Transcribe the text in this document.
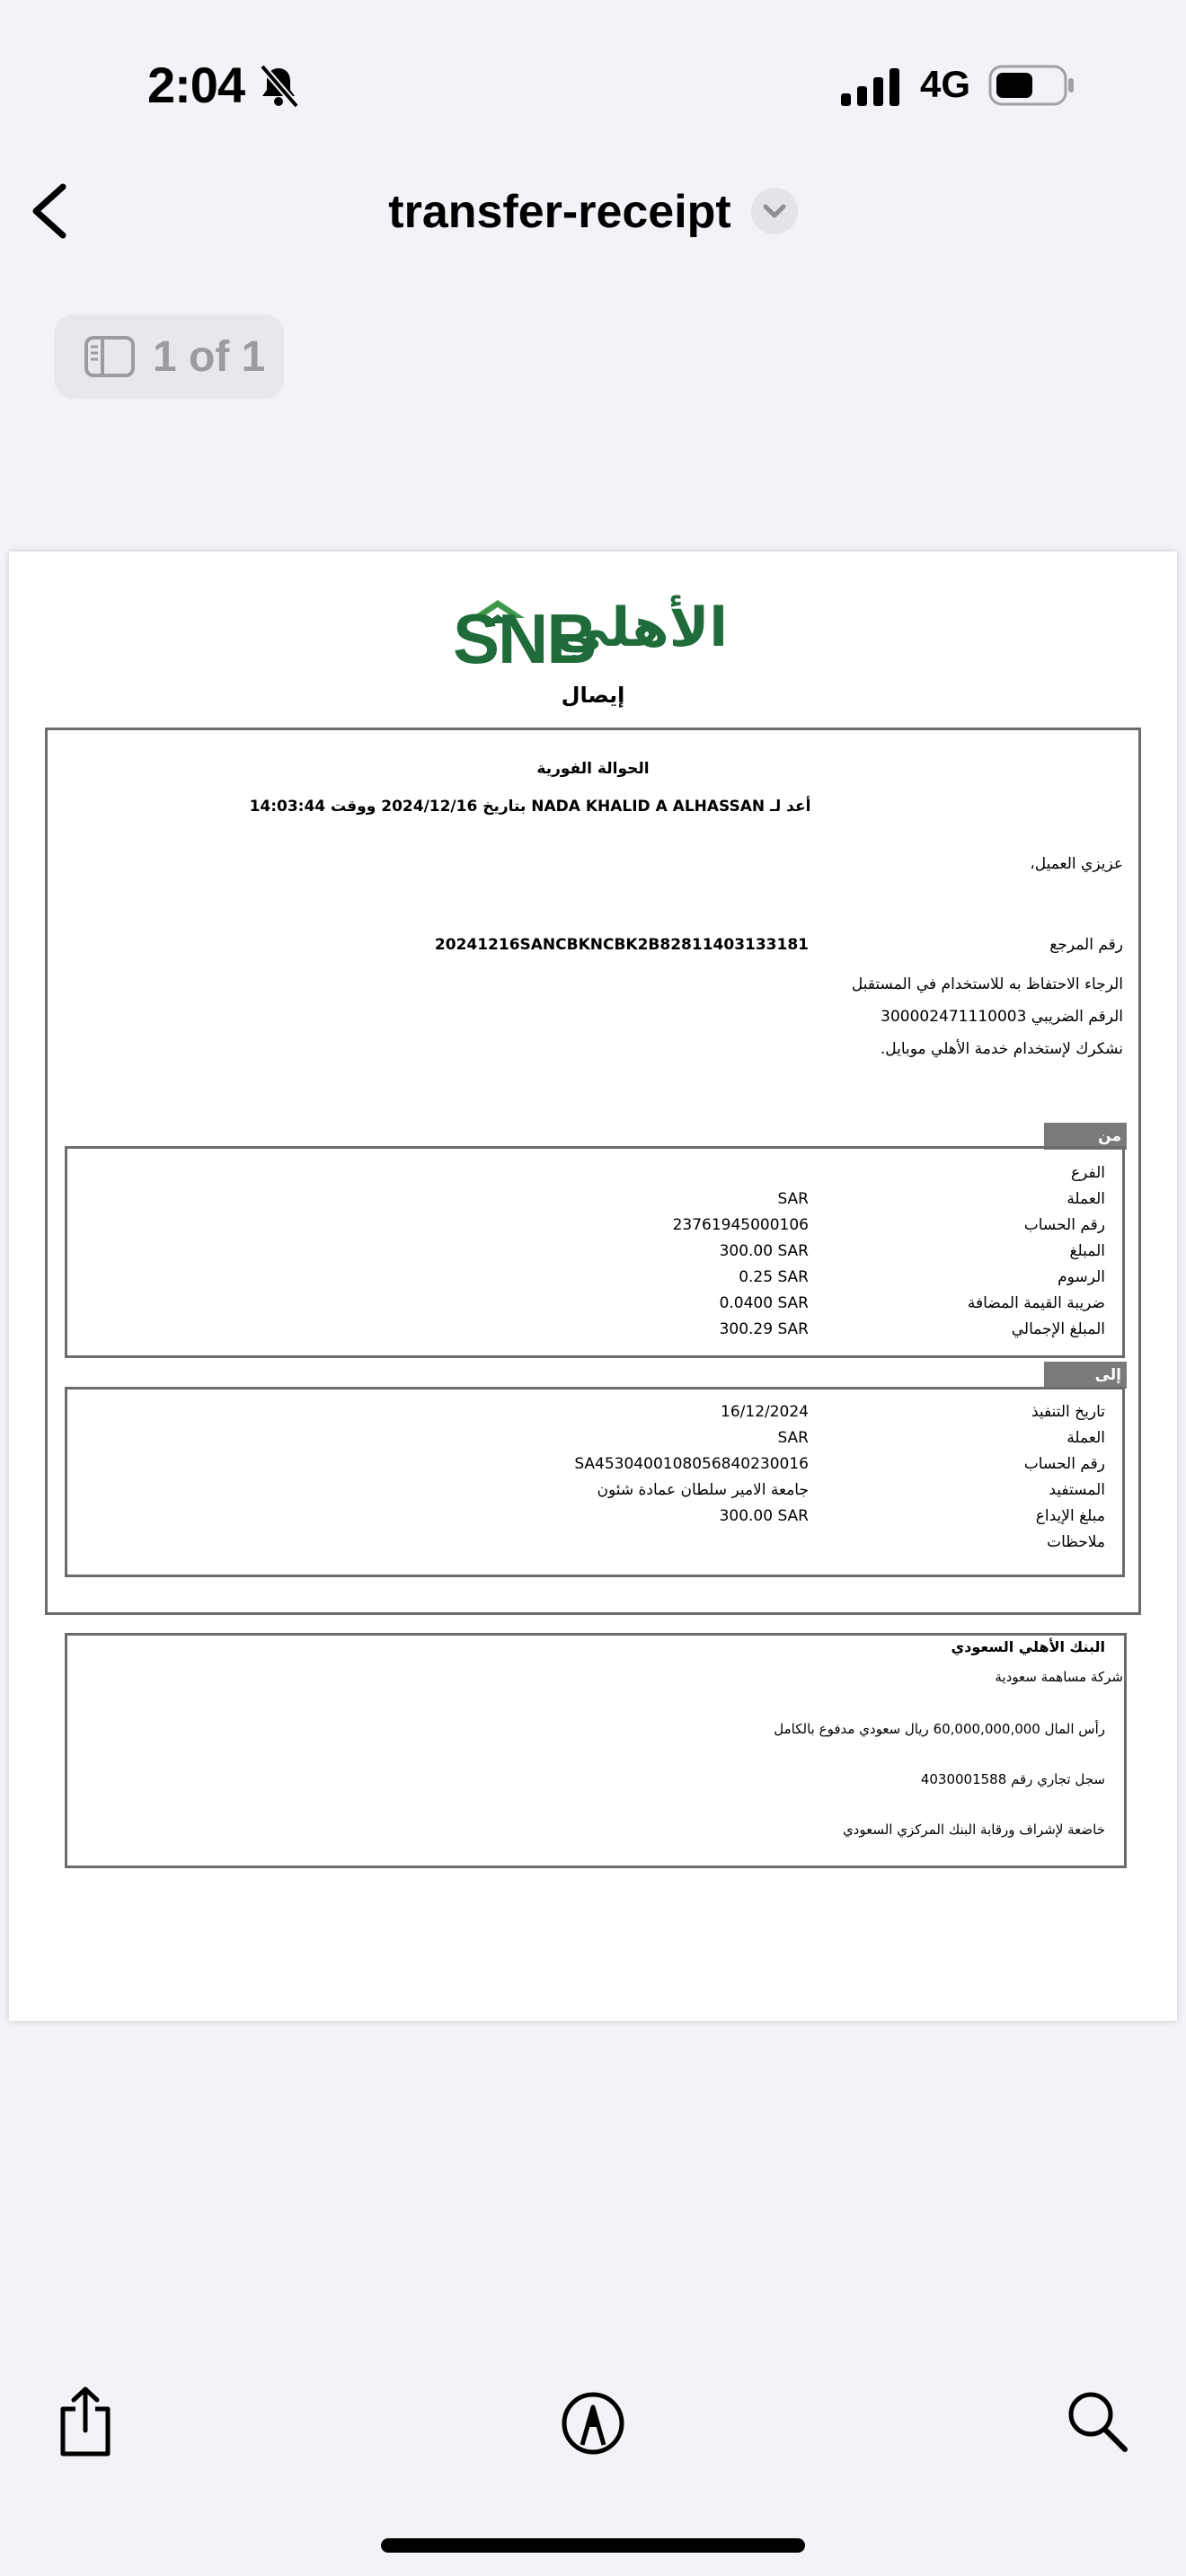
2:04	4G
transfer-receipt
1 of 1
SNB
الأهلي
إيصال
الحوالة الفورية
أعد لـ NADA KHALID A ALHASSAN بتاريخ 2024/12/16 ووقت 14:03:44
عزيزي العميل،
رقم المرجع
20241216SANCBKNCBK2B82811403133181
الرجاء الاحتفاظ به للاستخدام في المستقبل
الرقم الضريبي 300002471110003
نشكرك لإستخدام خدمة الأهلي موبايل.
من
الفرع
العملة
SAR
رقم الحساب
23761945000106
المبلغ
300.00 SAR
الرسوم
0.25 SAR
ضريبة القيمة المضافة
0.0400 SAR
المبلغ الإجمالي
300.29 SAR
إلى
تاريخ التنفيذ
16/12/2024
العملة
SAR
رقم الحساب
SA4530400108056840230016
المستفيد
جامعة الامير سلطان عمادة شئون
مبلغ الإيداع
300.00 SAR
ملاحظات
البنك الأهلي السعودي
شركة مساهمة سعودية
رأس المال 60,000,000,000 ريال سعودي مدفوع بالكامل
سجل تجاري رقم 4030001588
خاضعة لإشراف ورقابة البنك المركزي السعودي
